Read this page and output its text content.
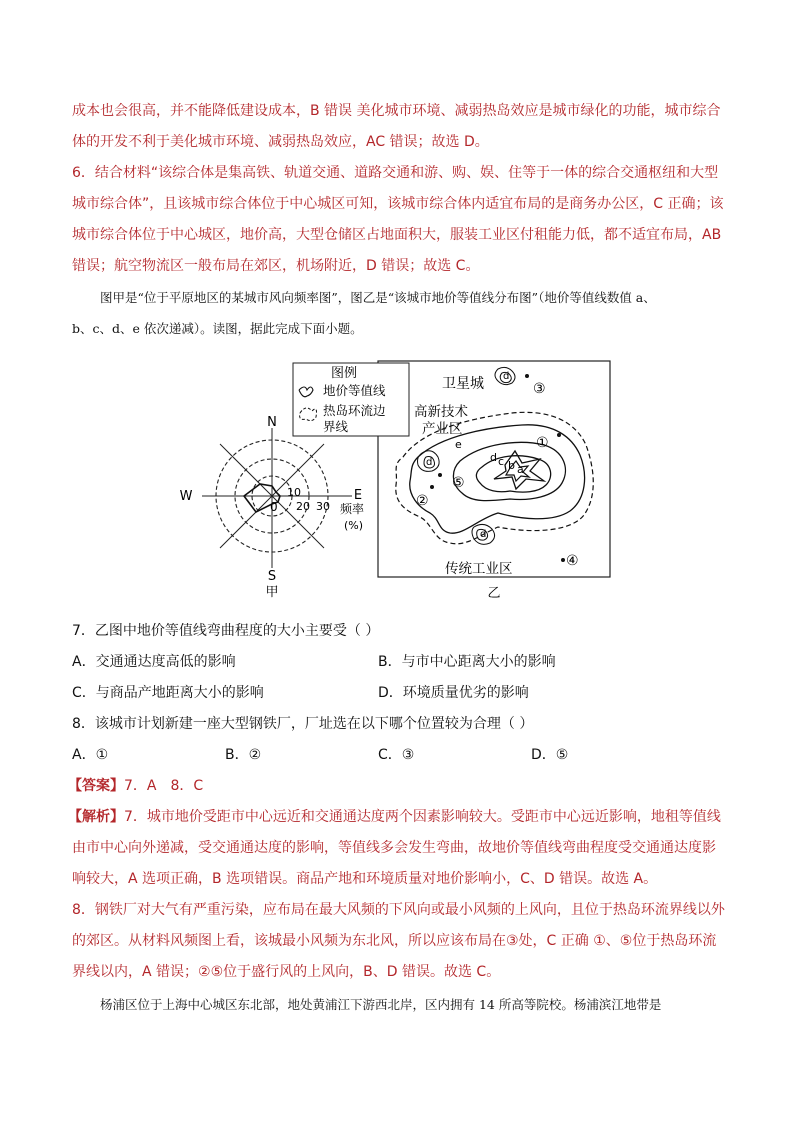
成本也会很高，并不能降低建设成本，B 错误 美化城市环境、减弱热岛效应是城市绿化的功能，城市综合
体的开发不利于美化城市环境、减弱热岛效应，AC 错误；故选 D。
6．结合材料“该综合体是集高铁、轨道交通、道路交通和游、购、娱、住等于一体的综合交通枢纽和大型
城市综合体”，且该城市综合体位于中心城区可知，该城市综合体内适宜布局的是商务办公区，C 正确；该
城市综合体位于中心城区，地价高，大型仓储区占地面积大，服装工业区付租能力低，都不适宜布局，AB
错误；航空物流区一般布局在郊区，机场附近，D 错误；故选 C。
图甲是“位于平原地区的某城市风向频率图”，图乙是“该城市地价等值线分布图”（地价等值线数值 a、
b、c、d、e 依次递减）。读图，据此完成下面小题。
N
S
W	E
0
10
20 30 频率
(%)
甲
图例
地价等值线
热岛环流边
界线
a
b
c
d
e
d
d
d
卫星城
高新技术
产业区
传统工业区
③
①
⑤
②
④
乙
7．乙图中地价等值线弯曲程度的大小主要受（ ）
A．交通通达度高低的影响	B．与市中心距离大小的影响
C．与商品产地距离大小的影响	D．环境质量优劣的影响
8．该城市计划新建一座大型钢铁厂，厂址选在以下哪个位置较为合理（ ）
A．①	B．②	C．③	D．⑤
【答案】7．A　8．C
【解析】7．城市地价受距市中心远近和交通通达度两个因素影响较大。受距市中心远近影响，地租等值线
由市中心向外递减，受交通通达度的影响，等值线多会发生弯曲，故地价等值线弯曲程度受交通通达度影
响较大，A 选项正确，B 选项错误。商品产地和环境质量对地价影响小，C、D 错误。故选 A。
8．钢铁厂对大气有严重污染，应布局在最大风频的下风向或最小风频的上风向，且位于热岛环流界线以外
的郊区。从材料风频图上看，该城最小风频为东北风，所以应该布局在③处，C 正确 ①、⑤位于热岛环流
界线以内，A 错误；②⑤位于盛行风的上风向，B、D 错误。故选 C。
杨浦区位于上海中心城区东北部，地处黄浦江下游西北岸，区内拥有 14 所高等院校。杨浦滨江地带是
